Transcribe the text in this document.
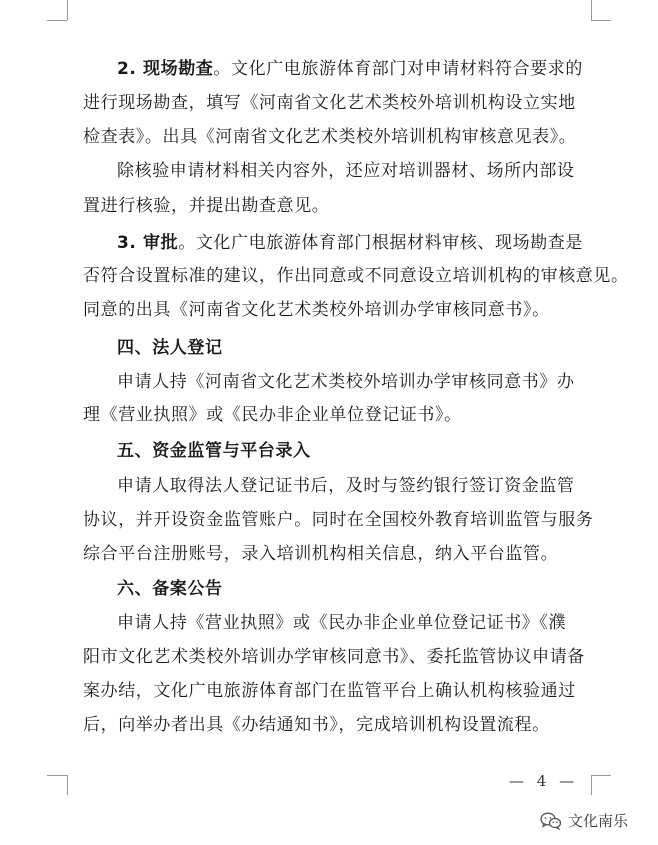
2. 现场勘查。文化广电旅游体育部门对申请材料符合要求的
进行现场勘查，填写《河南省文化艺术类校外培训机构设立实地
检查表》。出具《河南省文化艺术类校外培训机构审核意见表》。
除核验申请材料相关内容外，还应对培训器材、场所内部设
置进行核验，并提出勘查意见。
3. 审批。文化广电旅游体育部门根据材料审核、现场勘查是
否符合设置标准的建议，作出同意或不同意设立培训机构的审核意见。
同意的出具《河南省文化艺术类校外培训办学审核同意书》。
四、法人登记
申请人持《河南省文化艺术类校外培训办学审核同意书》办
理《营业执照》或《民办非企业单位登记证书》。
五、资金监管与平台录入
申请人取得法人登记证书后，及时与签约银行签订资金监管
协议，并开设资金监管账户。同时在全国校外教育培训监管与服务
综合平台注册账号，录入培训机构相关信息，纳入平台监管。
六、备案公告
申请人持《营业执照》或《民办非企业单位登记证书》《濮
阳市文化艺术类校外培训办学审核同意书》、委托监管协议申请备
案办结，文化广电旅游体育部门在监管平台上确认机构核验通过
后，向举办者出具《办结通知书》，完成培训机构设置流程。
— 4 —
文化南乐
